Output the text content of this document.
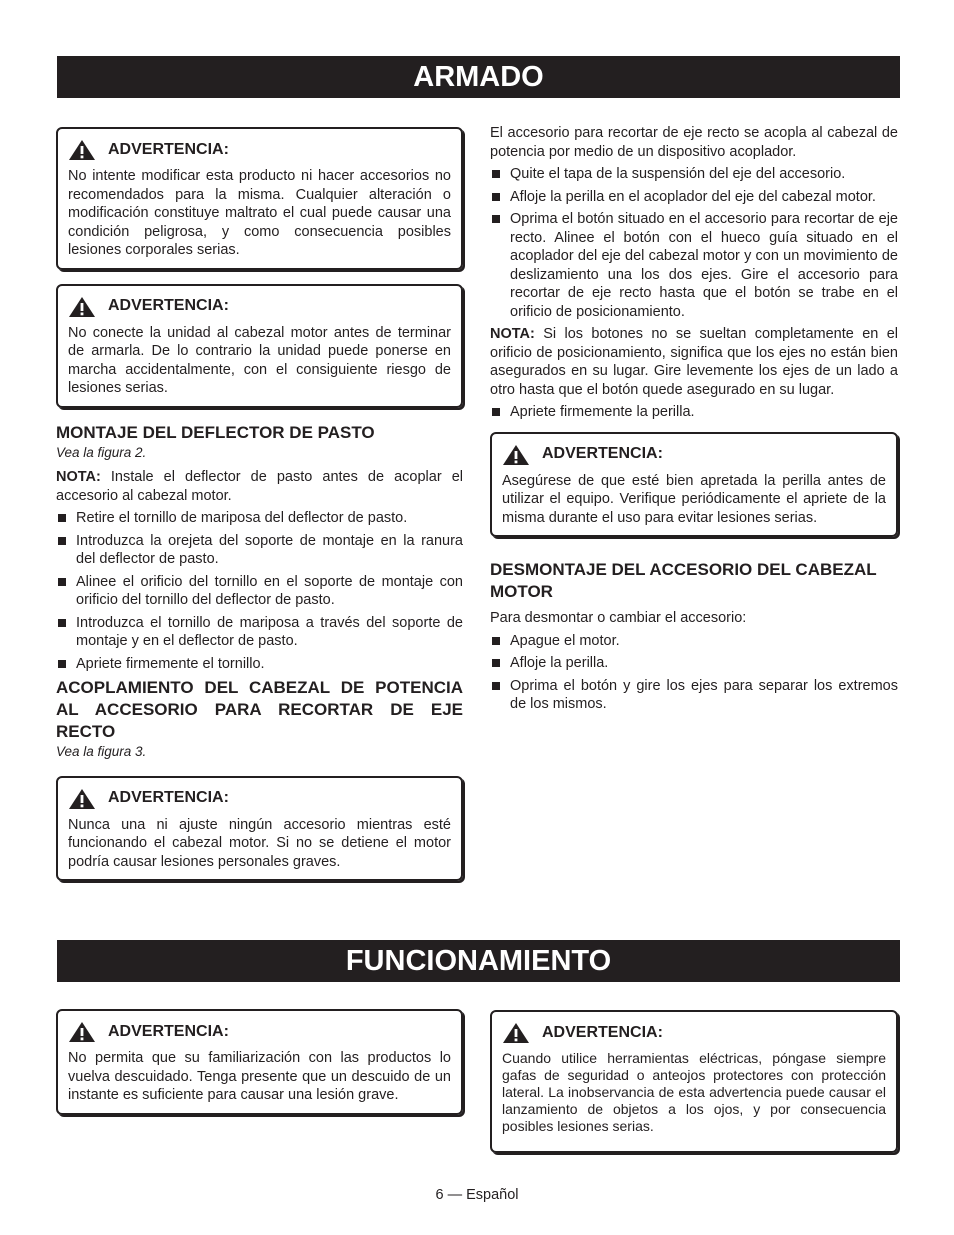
ARMADO
ADVERTENCIA:

No intente modificar esta producto ni hacer accesorios no recomendados para la misma. Cualquier alteración o modificación constituye maltrato el cual puede causar una condición peligrosa, y como consecuencia posibles lesiones corporales serias.

ADVERTENCIA:

No conecte la unidad al cabezal motor antes de terminar de armarla. De lo contrario la unidad puede ponerse en marcha accidentalmente, con el consiguiente riesgo de lesiones serias.

MONTAJE DEL DEFLECTOR DE PASTO
Vea la figura 2.

NOTA: Instale el deflector de pasto antes de acoplar el accesorio al cabezal motor.

Retire el tornillo de mariposa del deflector de pasto.
Introduzca la orejeta del soporte de montaje en la ranura del deflector de pasto.
Alinee el orificio del tornillo en el soporte de montaje con orificio del tornillo del deflector de pasto.
Introduzca el tornillo de mariposa a través del soporte de montaje y en el deflector de pasto.
Apriete firmemente el tornillo.
ACOPLAMIENTO DEL CABEZAL DE POTENCIA AL ACCESORIO PARA RECORTAR DE EJE RECTO
Vea la figura 3.
ADVERTENCIA:

Nunca una ni ajuste ningún accesorio mientras esté funcionando el cabezal motor. Si no se detiene el motor podría causar lesiones personales graves.

El accesorio para recortar de eje recto se acopla al cabezal de potencia por medio de un dispositivo acoplador.

Quite el tapa de la suspensión del eje del accesorio.
Afloje la perilla en el acoplador del eje del cabezal motor.
Oprima el botón situado en el accesorio para recortar de eje recto. Alinee el botón con el hueco guía situado en el acoplador del eje del cabezal motor y con un movimiento de deslizamiento una los dos ejes. Gire el accesorio para recortar de eje recto hasta que el botón se trabe en el orificio de posicionamiento.

NOTA: Si los botones no se sueltan completamente en el orificio de posicionamiento, significa que los ejes no están bien asegurados en su lugar. Gire levemente los ejes de un lado a otro hasta que el botón quede asegurado en su lugar.

Apriete firmemente la perilla.
ADVERTENCIA:

Asegúrese de que esté bien apretada la perilla antes de utilizar el equipo. Verifique periódicamente el apriete de la misma durante el uso para evitar lesiones serias.

DESMONTAJE DEL ACCESORIO DEL CABEZAL MOTOR

Para desmontar o cambiar el accesorio:

Apague el motor.
Afloje la perilla.
Oprima el botón y gire los ejes para separar los extremos de los mismos.
FUNCIONAMIENTO
ADVERTENCIA:

No permita que su familiarización con las productos lo vuelva descuidado. Tenga presente que un descuido de un instante es suficiente para causar una lesión grave.

ADVERTENCIA:

Cuando utilice herramientas eléctricas, póngase siempre gafas de seguridad o anteojos protectores con protección lateral. La inobservancia de esta advertencia puede causar el lanzamiento de objetos a los ojos, y por consecuencia posibles lesiones serias.

6 — Español
